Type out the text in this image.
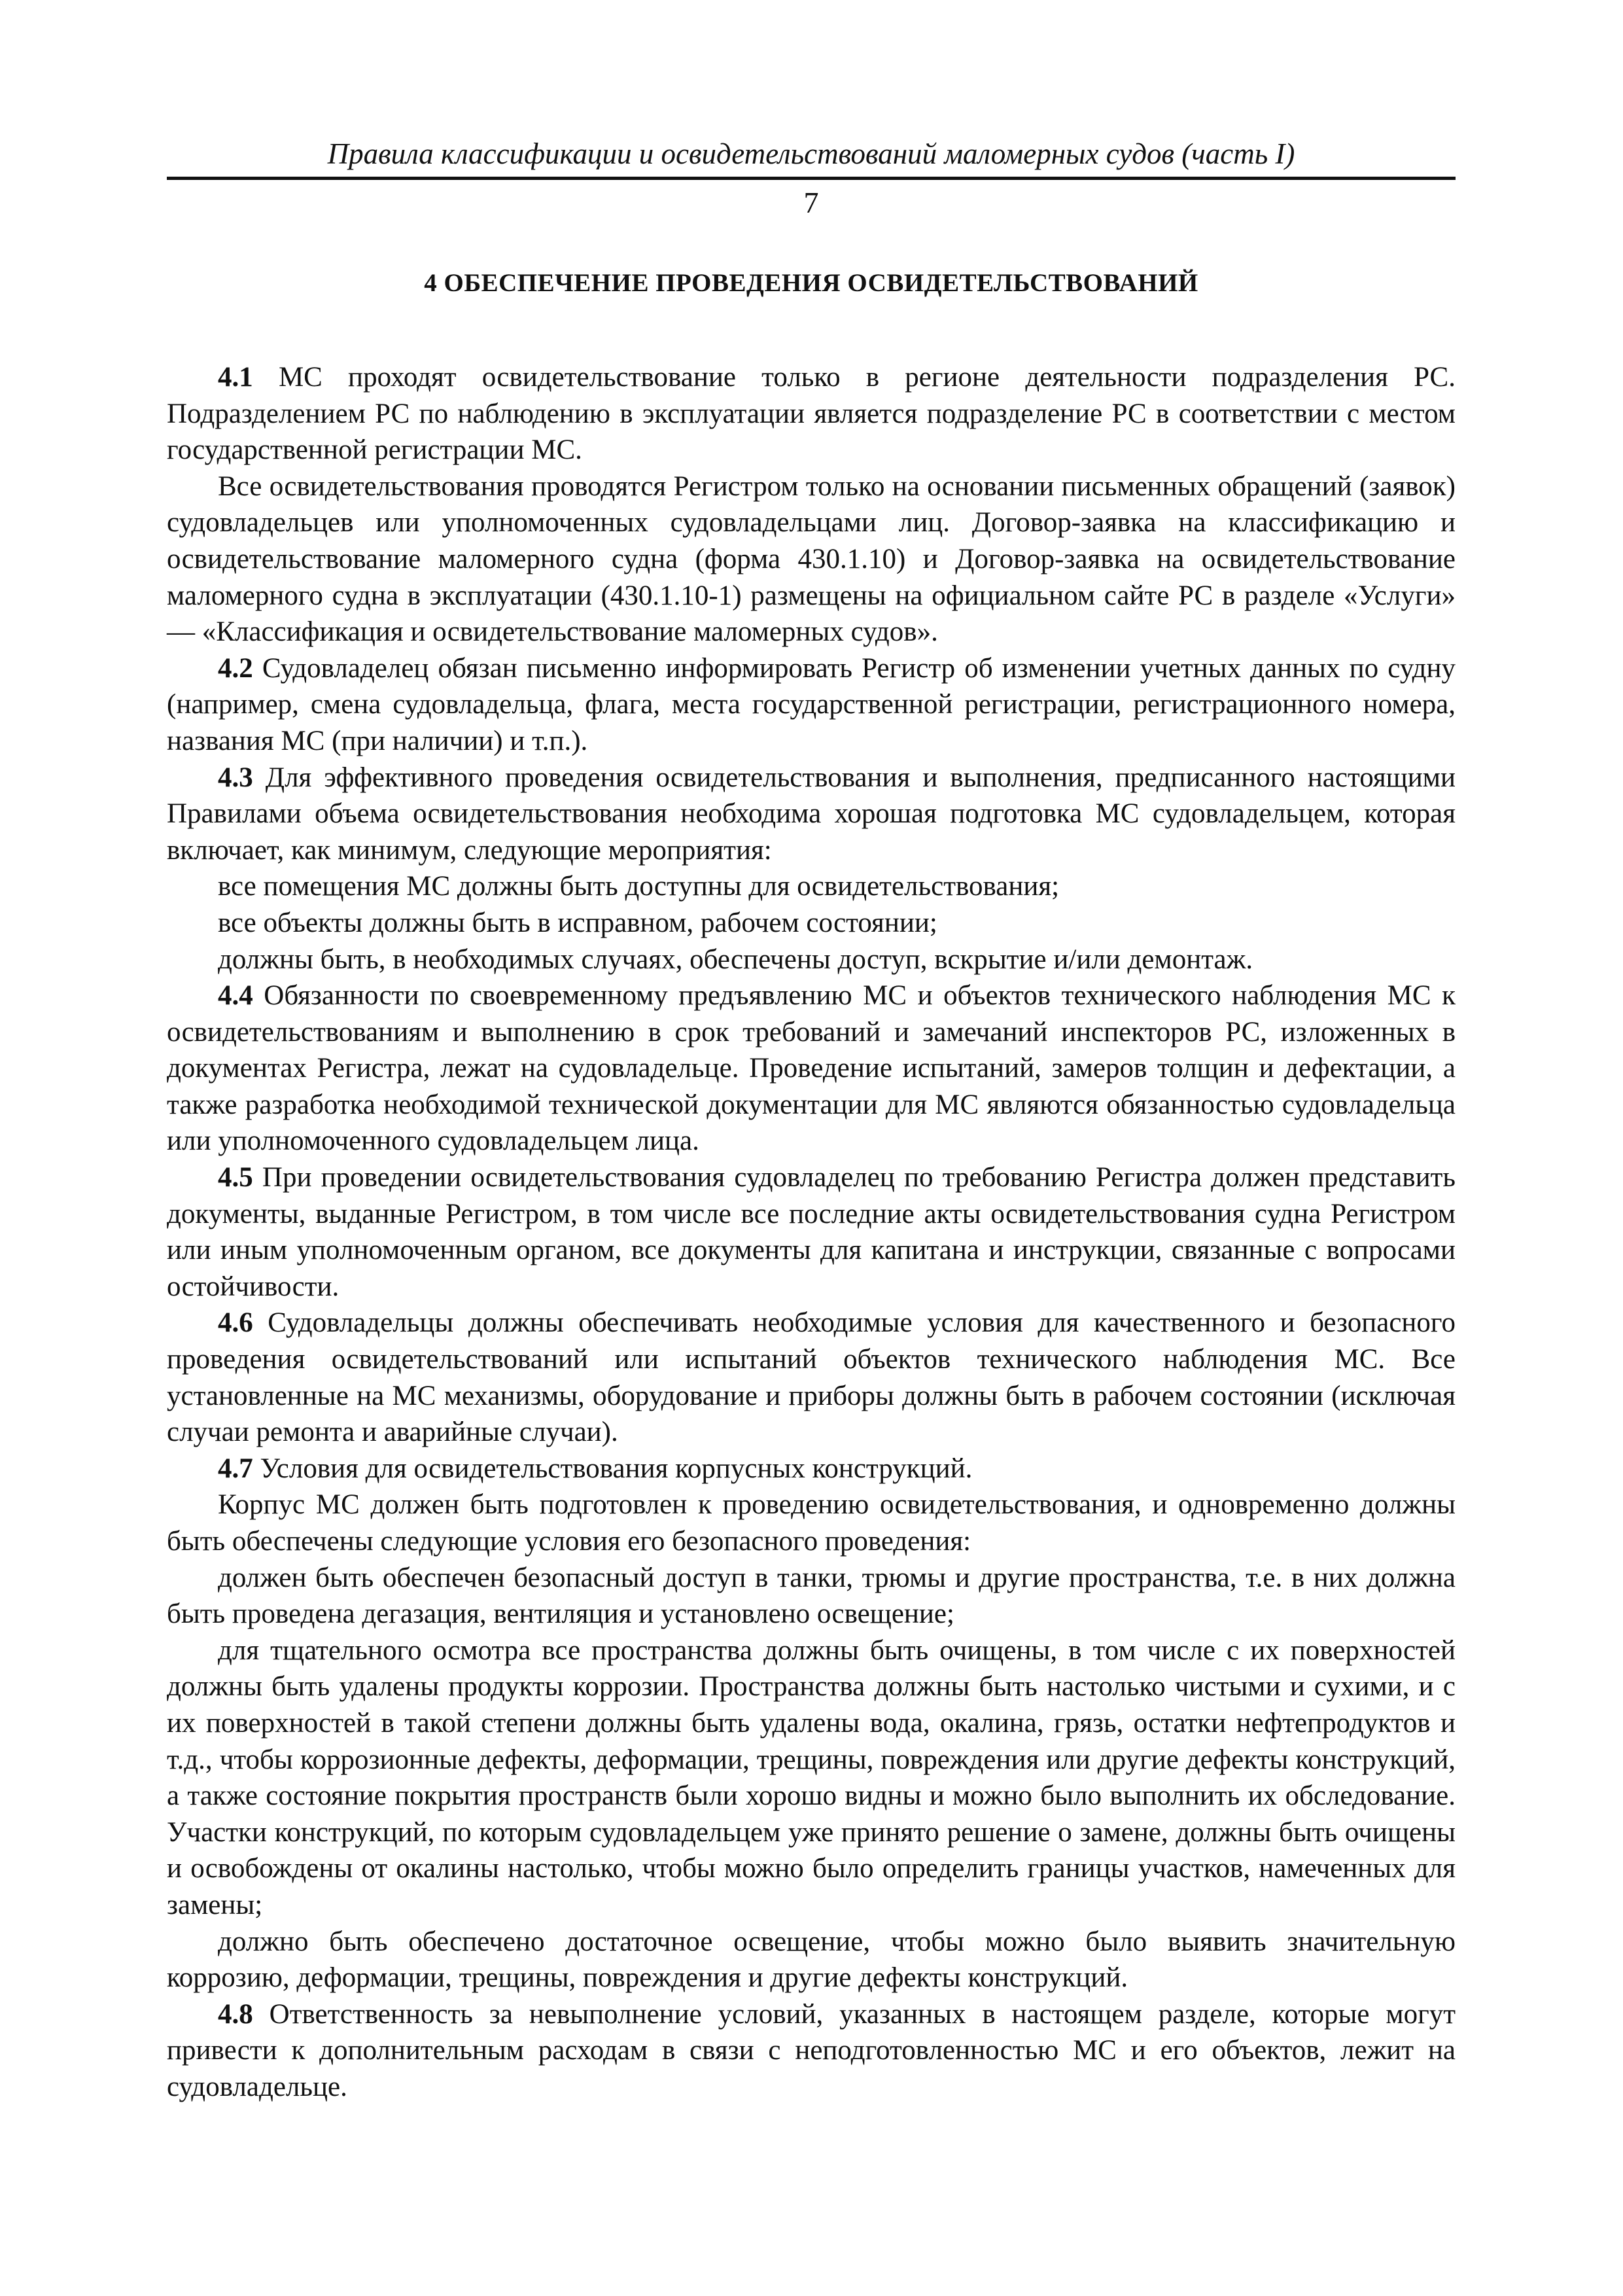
Правила классификации и освидетельствований маломерных судов (часть I)
7
4 ОБЕСПЕЧЕНИЕ ПРОВЕДЕНИЯ ОСВИДЕТЕЛЬСТВОВАНИЙ

4.1 МС проходят освидетельствование только в регионе деятельности подразделения РС. Подразделением РС по наблюдению в эксплуатации является подразделение РС в соответствии с местом государственной регистрации МС.

Все освидетельствования проводятся Регистром только на основании письменных обращений (заявок) судовладельцев или уполномоченных судовладельцами лиц. Договор-заявка на классификацию и освидетельствование маломерного судна (форма 430.1.10) и Договор-заявка на освидетельствование маломерного судна в эксплуатации (430.1.10-1) размещены на официальном сайте РС в разделе «Услуги» — «Классификация и освидетельствование маломерных судов».

4.2 Судовладелец обязан письменно информировать Регистр об изменении учетных данных по судну (например, смена судовладельца, флага, места государственной регистрации, регистрационного номера, названия МС (при наличии) и т.п.).

4.3 Для эффективного проведения освидетельствования и выполнения, предписанного настоящими Правилами объема освидетельствования необходима хорошая подготовка МС судовладельцем, которая включает, как минимум, следующие мероприятия:

все помещения МС должны быть доступны для освидетельствования;

все объекты должны быть в исправном, рабочем состоянии;

должны быть, в необходимых случаях, обеспечены доступ, вскрытие и/или демонтаж.

4.4 Обязанности по своевременному предъявлению МС и объектов технического наблюдения МС к освидетельствованиям и выполнению в срок требований и замечаний инспекторов РС, изложенных в документах Регистра, лежат на судовладельце. Проведение испытаний, замеров толщин и дефектации, а также разработка необходимой технической документации для МС являются обязанностью судовладельца или уполномоченного судовладельцем лица.

4.5 При проведении освидетельствования судовладелец по требованию Регистра должен представить документы, выданные Регистром, в том числе все последние акты освидетельствования судна Регистром или иным уполномоченным органом, все документы для капитана и инструкции, связанные с вопросами остойчивости.

4.6 Судовладельцы должны обеспечивать необходимые условия для качественного и безопасного проведения освидетельствований или испытаний объектов технического наблюдения МС. Все установленные на МС механизмы, оборудование и приборы должны быть в рабочем состоянии (исключая случаи ремонта и аварийные случаи).

4.7 Условия для освидетельствования корпусных конструкций.

Корпус МС должен быть подготовлен к проведению освидетельствования, и одновременно должны быть обеспечены следующие условия его безопасного проведения:

должен быть обеспечен безопасный доступ в танки, трюмы и другие пространства, т.е. в них должна быть проведена дегазация, вентиляция и установлено освещение;

для тщательного осмотра все пространства должны быть очищены, в том числе с их поверхностей должны быть удалены продукты коррозии. Пространства должны быть настолько чистыми и сухими, и с их поверхностей в такой степени должны быть удалены вода, окалина, грязь, остатки нефтепродуктов и т.д., чтобы коррозионные дефекты, деформации, трещины, повреждения или другие дефекты конструкций, а также состояние покрытия пространств были хорошо видны и можно было выполнить их обследование. Участки конструкций, по которым судовладельцем уже принято решение о замене, должны быть очищены и освобождены от окалины настолько, чтобы можно было определить границы участков, намеченных для замены;

должно быть обеспечено достаточное освещение, чтобы можно было выявить значительную коррозию, деформации, трещины, повреждения и другие дефекты конструкций.

4.8 Ответственность за невыполнение условий, указанных в настоящем разделе, которые могут привести к дополнительным расходам в связи с неподготовленностью МС и его объектов, лежит на судовладельце.
